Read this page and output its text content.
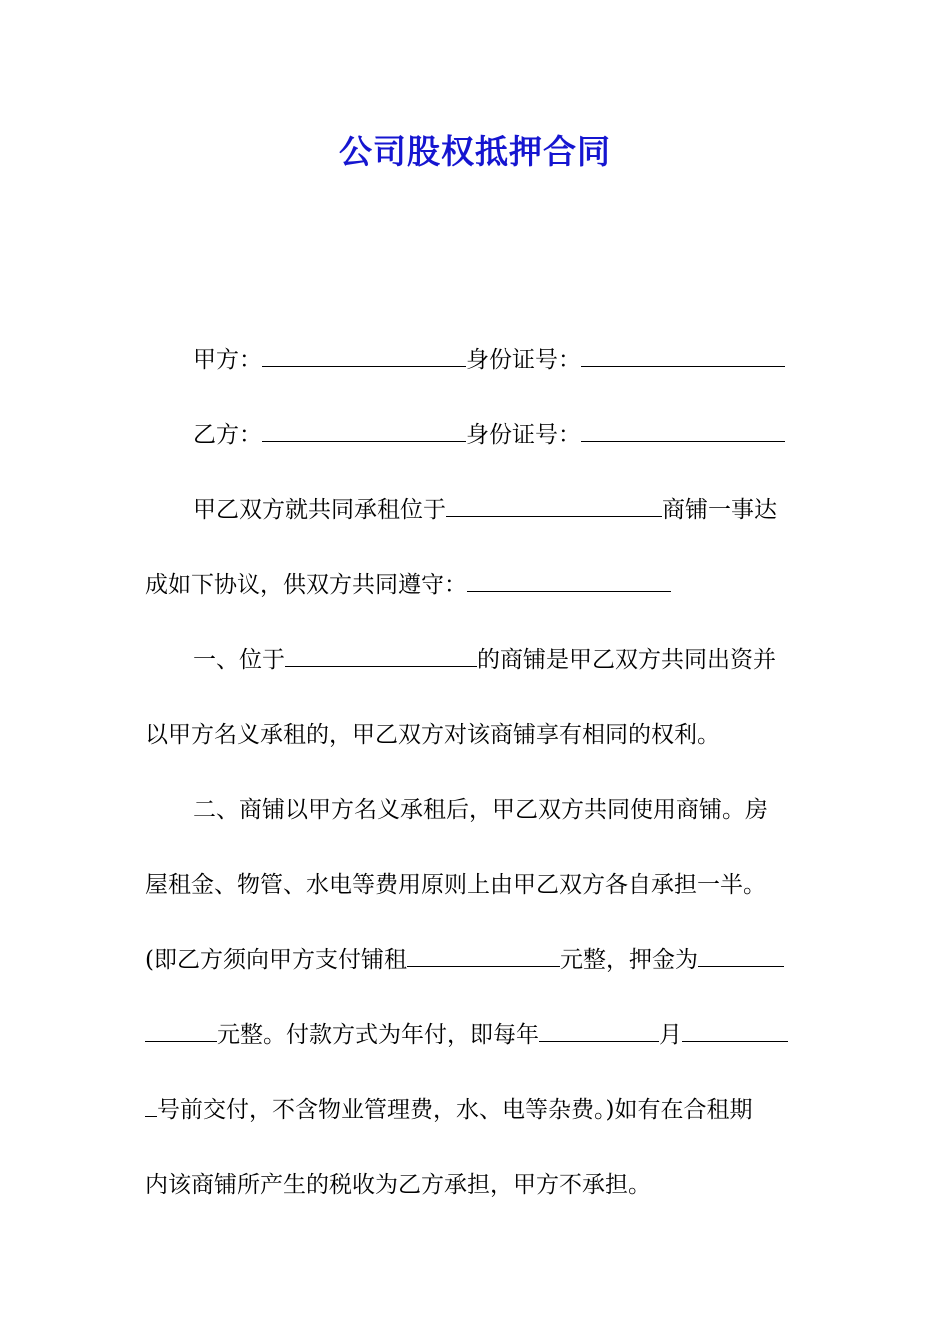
公司股权抵押合同
甲方：	身份证号：
乙方：	身份证号：
甲乙双方就共同承租位于	商铺一事达
成如下协议，供双方共同遵守：
一、位于	的商铺是甲乙双方共同出资并
以甲方名义承租的，甲乙双方对该商铺享有相同的权利。
二、商铺以甲方名义承租后，甲乙双方共同使用商铺。房
屋租金、物管、水电等费用原则上由甲乙双方各自承担一半。
(即乙方须向甲方支付铺租	元整，押金为
元整。付款方式为年付，即每年	月
号前交付，不含物业管理费，水、电等杂费。)如有在合租期
内该商铺所产生的税收为乙方承担，甲方不承担。
